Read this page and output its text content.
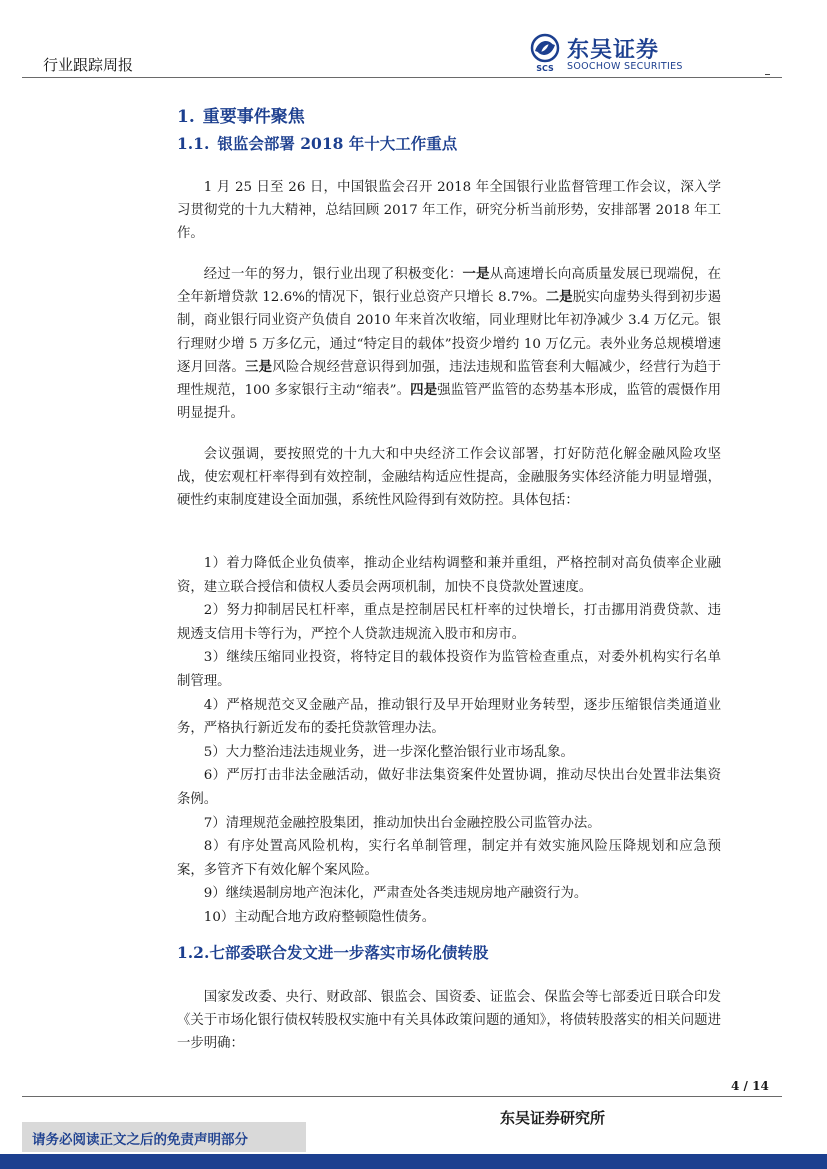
行业跟踪周报	SCS
东吴证券
SOOCHOW SECURITIES
1. 重要事件聚焦
1.1. 银监会部署 2018 年十大工作重点

1 月 25 日至 26 日，中国银监会召开 2018 年全国银行业监督管理工作会议，深入学习贯彻党的十九大精神，总结回顾 2017 年工作，研究分析当前形势，安排部署 2018 年工作。

经过一年的努力，银行业出现了积极变化：一是从高速增长向高质量发展已现端倪，在全年新增贷款 12.6%的情况下，银行业总资产只增长 8.7%。二是脱实向虚势头得到初步遏制，商业银行同业资产负债自 2010 年来首次收缩，同业理财比年初净减少 3.4 万亿元。银行理财少增 5 万多亿元，通过“特定目的载体”投资少增约 10 万亿元。表外业务总规模增速逐月回落。三是风险合规经营意识得到加强，违法违规和监管套利大幅减少，经营行为趋于理性规范，100 多家银行主动“缩表”。四是强监管严监管的态势基本形成，监管的震慑作用明显提升。

会议强调，要按照党的十九大和中央经济工作会议部署，打好防范化解金融风险攻坚战，使宏观杠杆率得到有效控制，金融结构适应性提高，金融服务实体经济能力明显增强，硬性约束制度建设全面加强，系统性风险得到有效防控。具体包括：

1）着力降低企业负债率，推动企业结构调整和兼并重组，严格控制对高负债率企业融资，建立联合授信和债权人委员会两项机制，加快不良贷款处置速度。
2）努力抑制居民杠杆率，重点是控制居民杠杆率的过快增长，打击挪用消费贷款、违规透支信用卡等行为，严控个人贷款违规流入股市和房市。
3）继续压缩同业投资，将特定目的载体投资作为监管检查重点，对委外机构实行名单制管理。
4）严格规范交叉金融产品，推动银行及早开始理财业务转型，逐步压缩银信类通道业务，严格执行新近发布的委托贷款管理办法。
5）大力整治违法违规业务，进一步深化整治银行业市场乱象。
6）严厉打击非法金融活动，做好非法集资案件处置协调，推动尽快出台处置非法集资条例。
7）清理规范金融控股集团，推动加快出台金融控股公司监管办法。
8）有序处置高风险机构，实行名单制管理，制定并有效实施风险压降规划和应急预案，多管齐下有效化解个案风险。
9）继续遏制房地产泡沫化，严肃查处各类违规房地产融资行为。
10）主动配合地方政府整顿隐性债务。
1.2.七部委联合发文进一步落实市场化债转股

国家发改委、央行、财政部、银监会、国资委、证监会、保监会等七部委近日联合印发《关于市场化银行债权转股权实施中有关具体政策问题的通知》，将债转股落实的相关问题进一步明确：

4 / 14
东吴证券研究所
请务必阅读正文之后的免责声明部分
